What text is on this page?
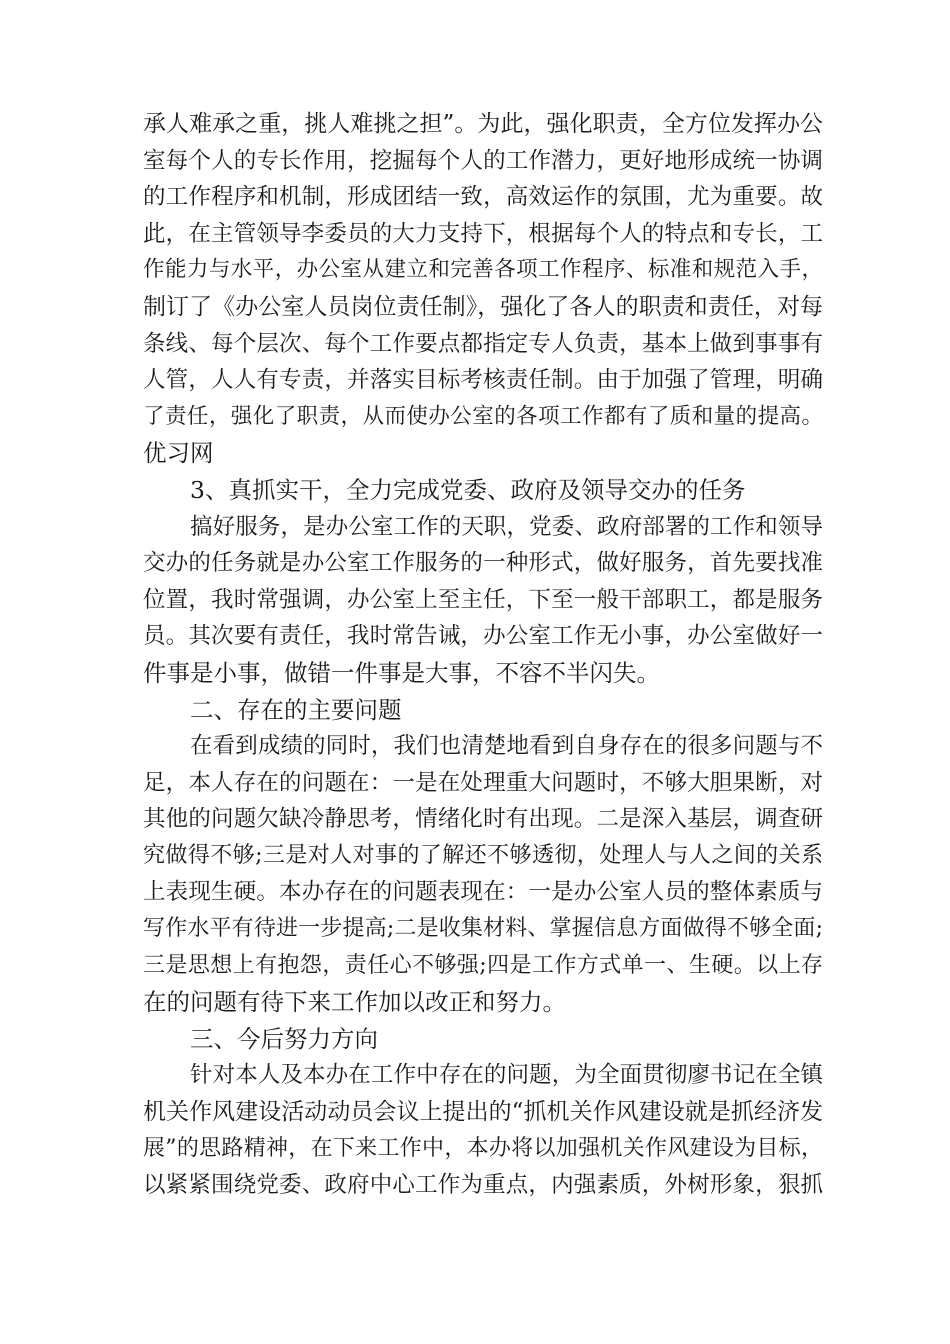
承人难承之重，挑人难挑之担”。为此，强化职责，全方位发挥办公
室每个人的专长作用，挖掘每个人的工作潜力，更好地形成统一协调
的工作程序和机制，形成团结一致，高效运作的氛围，尤为重要。故
此，在主管领导李委员的大力支持下，根据每个人的特点和专长，工
作能力与水平，办公室从建立和完善各项工作程序、标准和规范入手，
制订了《办公室人员岗位责任制》，强化了各人的职责和责任，对每
条线、每个层次、每个工作要点都指定专人负责，基本上做到事事有
人管，人人有专责，并落实目标考核责任制。由于加强了管理，明确
了责任，强化了职责，从而使办公室的各项工作都有了质和量的提高。
优习网
3、真抓实干，全力完成党委、政府及领导交办的任务
搞好服务，是办公室工作的天职，党委、政府部署的工作和领导
交办的任务就是办公室工作服务的一种形式，做好服务，首先要找准
位置，我时常强调，办公室上至主任，下至一般干部职工，都是服务
员。其次要有责任，我时常告诫，办公室工作无小事，办公室做好一
件事是小事，做错一件事是大事，不容不半闪失。
二、存在的主要问题
在看到成绩的同时，我们也清楚地看到自身存在的很多问题与不
足，本人存在的问题在：一是在处理重大问题时，不够大胆果断，对
其他的问题欠缺冷静思考，情绪化时有出现。二是深入基层，调查研
究做得不够;三是对人对事的了解还不够透彻，处理人与人之间的关系
上表现生硬。本办存在的问题表现在：一是办公室人员的整体素质与
写作水平有待进一步提高;二是收集材料、掌握信息方面做得不够全面;
三是思想上有抱怨，责任心不够强;四是工作方式单一、生硬。以上存
在的问题有待下来工作加以改正和努力。
三、今后努力方向
针对本人及本办在工作中存在的问题，为全面贯彻廖书记在全镇
机关作风建设活动动员会议上提出的“抓机关作风建设就是抓经济发
展”的思路精神，在下来工作中，本办将以加强机关作风建设为目标，
以紧紧围绕党委、政府中心工作为重点，内强素质，外树形象，狠抓
